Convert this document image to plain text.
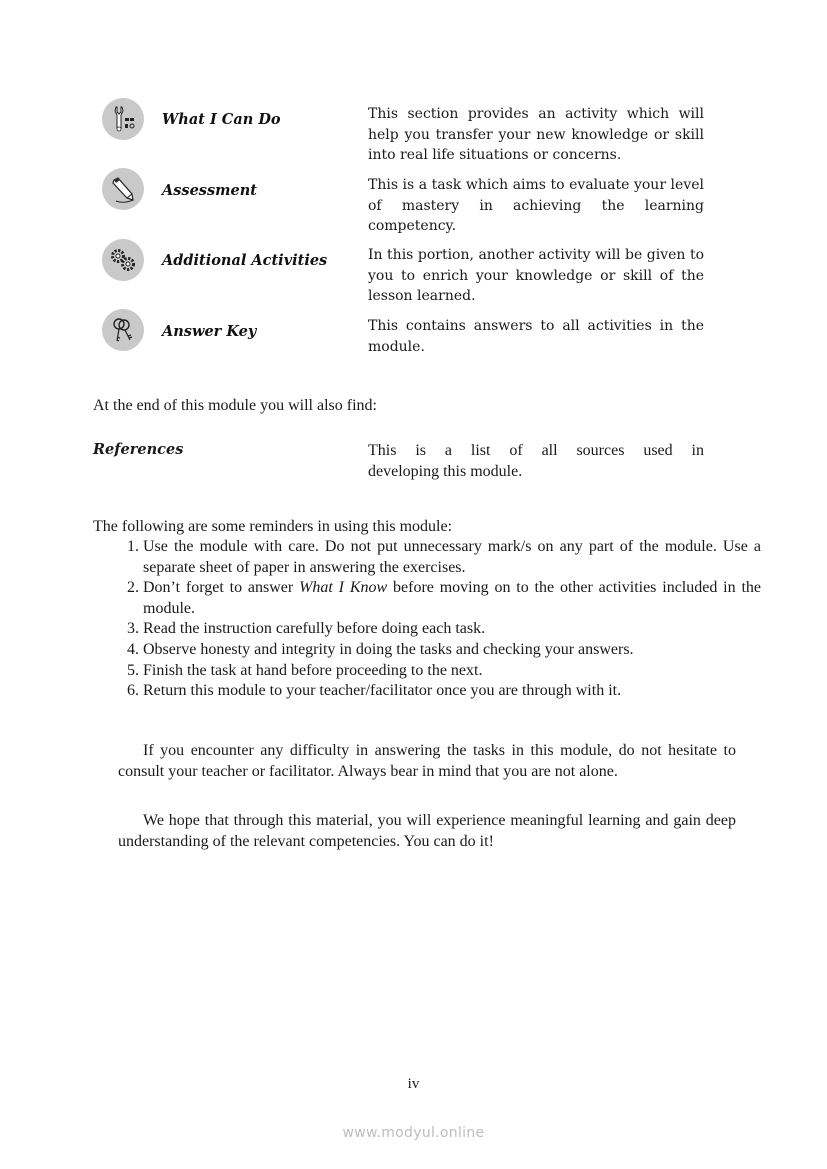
What I Can Do	This section provides an activity which will help you transfer your new knowledge or skill into real life situations or concerns.
Assessment	This is a task which aims to evaluate your level of mastery in achieving the learning competency.
Additional Activities	In this portion, another activity will be given to you to enrich your knowledge or skill of the lesson learned.
Answer Key	This contains answers to all activities in the module.
At the end of this module you will also find:
References	This is a list of all sources used in
developing this module.
The following are some reminders in using this module:
1. Use the module with care. Do not put unnecessary mark/s on any part of the module. Use a separate sheet of paper in answering the exercises.
2. Don’t forget to answer What I Know before moving on to the other activities included in the module.
3. Read the instruction carefully before doing each task.
4. Observe honesty and integrity in doing the tasks and checking your answers.
5. Finish the task at hand before proceeding to the next.
6. Return this module to your teacher/facilitator once you are through with it.
If you encounter any difficulty in answering the tasks in this module, do not hesitate to consult your teacher or facilitator. Always bear in mind that you are not alone.
We hope that through this material, you will experience meaningful learning and gain deep understanding of the relevant competencies. You can do it!
iv
www.modyul.online
